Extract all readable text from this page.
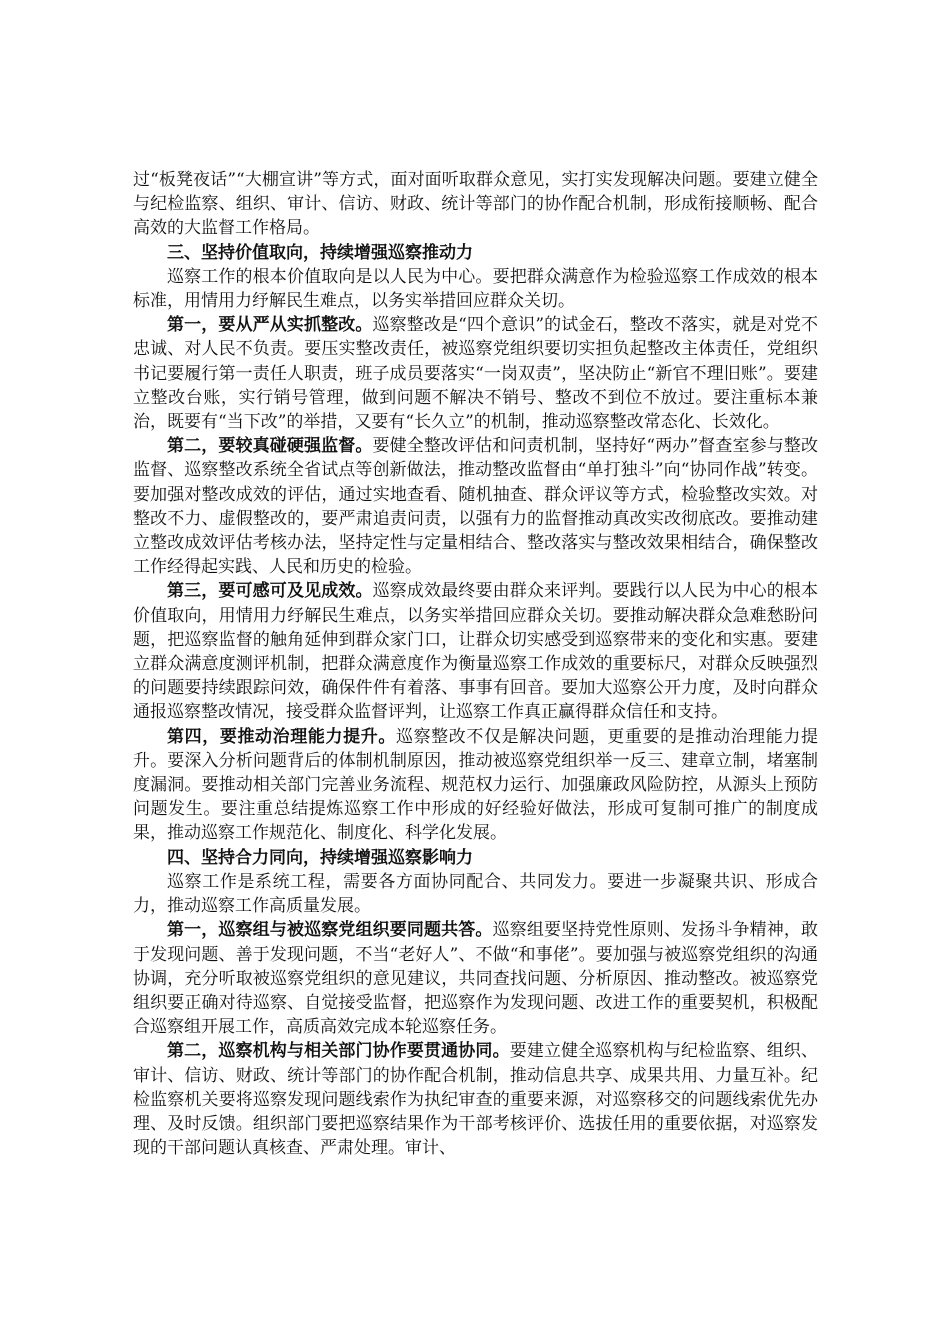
过“板凳夜话”“大棚宣讲”等方式，面对面听取群众意见，实打实发现解决问题。要建立健全与纪检监察、组织、审计、信访、财政、统计等部门的协作配合机制，形成衔接顺畅、配合高效的大监督工作格局。

三、坚持价值取向，持续增强巡察推动力

巡察工作的根本价值取向是以人民为中心。要把群众满意作为检验巡察工作成效的根本标准，用情用力纾解民生难点，以务实举措回应群众关切。

第一，要从严从实抓整改。巡察整改是“四个意识”的试金石，整改不落实，就是对党不忠诚、对人民不负责。要压实整改责任，被巡察党组织要切实担负起整改主体责任，党组织书记要履行第一责任人职责，班子成员要落实“一岗双责”，坚决防止“新官不理旧账”。要建立整改台账，实行销号管理，做到问题不解决不销号、整改不到位不放过。要注重标本兼治，既要有“当下改”的举措，又要有“长久立”的机制，推动巡察整改常态化、长效化。

第二，要较真碰硬强监督。要健全整改评估和问责机制，坚持好“两办”督查室参与整改监督、巡察整改系统全省试点等创新做法，推动整改监督由“单打独斗”向“协同作战”转变。要加强对整改成效的评估，通过实地查看、随机抽查、群众评议等方式，检验整改实效。对整改不力、虚假整改的，要严肃追责问责，以强有力的监督推动真改实改彻底改。要推动建立整改成效评估考核办法，坚持定性与定量相结合、整改落实与整改效果相结合，确保整改工作经得起实践、人民和历史的检验。

第三，要可感可及见成效。巡察成效最终要由群众来评判。要践行以人民为中心的根本价值取向，用情用力纾解民生难点，以务实举措回应群众关切。要推动解决群众急难愁盼问题，把巡察监督的触角延伸到群众家门口，让群众切实感受到巡察带来的变化和实惠。要建立群众满意度测评机制，把群众满意度作为衡量巡察工作成效的重要标尺，对群众反映强烈的问题要持续跟踪问效，确保件件有着落、事事有回音。要加大巡察公开力度，及时向群众通报巡察整改情况，接受群众监督评判，让巡察工作真正赢得群众信任和支持。

第四，要推动治理能力提升。巡察整改不仅是解决问题，更重要的是推动治理能力提升。要深入分析问题背后的体制机制原因，推动被巡察党组织举一反三、建章立制，堵塞制度漏洞。要推动相关部门完善业务流程、规范权力运行、加强廉政风险防控，从源头上预防问题发生。要注重总结提炼巡察工作中形成的好经验好做法，形成可复制可推广的制度成果，推动巡察工作规范化、制度化、科学化发展。

四、坚持合力同向，持续增强巡察影响力

巡察工作是系统工程，需要各方面协同配合、共同发力。要进一步凝聚共识、形成合力，推动巡察工作高质量发展。

第一，巡察组与被巡察党组织要同题共答。巡察组要坚持党性原则、发扬斗争精神，敢于发现问题、善于发现问题，不当“老好人”、不做“和事佬”。要加强与被巡察党组织的沟通协调，充分听取被巡察党组织的意见建议，共同查找问题、分析原因、推动整改。被巡察党组织要正确对待巡察、自觉接受监督，把巡察作为发现问题、改进工作的重要契机，积极配合巡察组开展工作，高质高效完成本轮巡察任务。

第二，巡察机构与相关部门协作要贯通协同。要建立健全巡察机构与纪检监察、组织、审计、信访、财政、统计等部门的协作配合机制，推动信息共享、成果共用、力量互补。纪检监察机关要将巡察发现问题线索作为执纪审查的重要来源，对巡察移交的问题线索优先办理、及时反馈。组织部门要把巡察结果作为干部考核评价、选拔任用的重要依据，对巡察发现的干部问题认真核查、严肃处理。审计、
